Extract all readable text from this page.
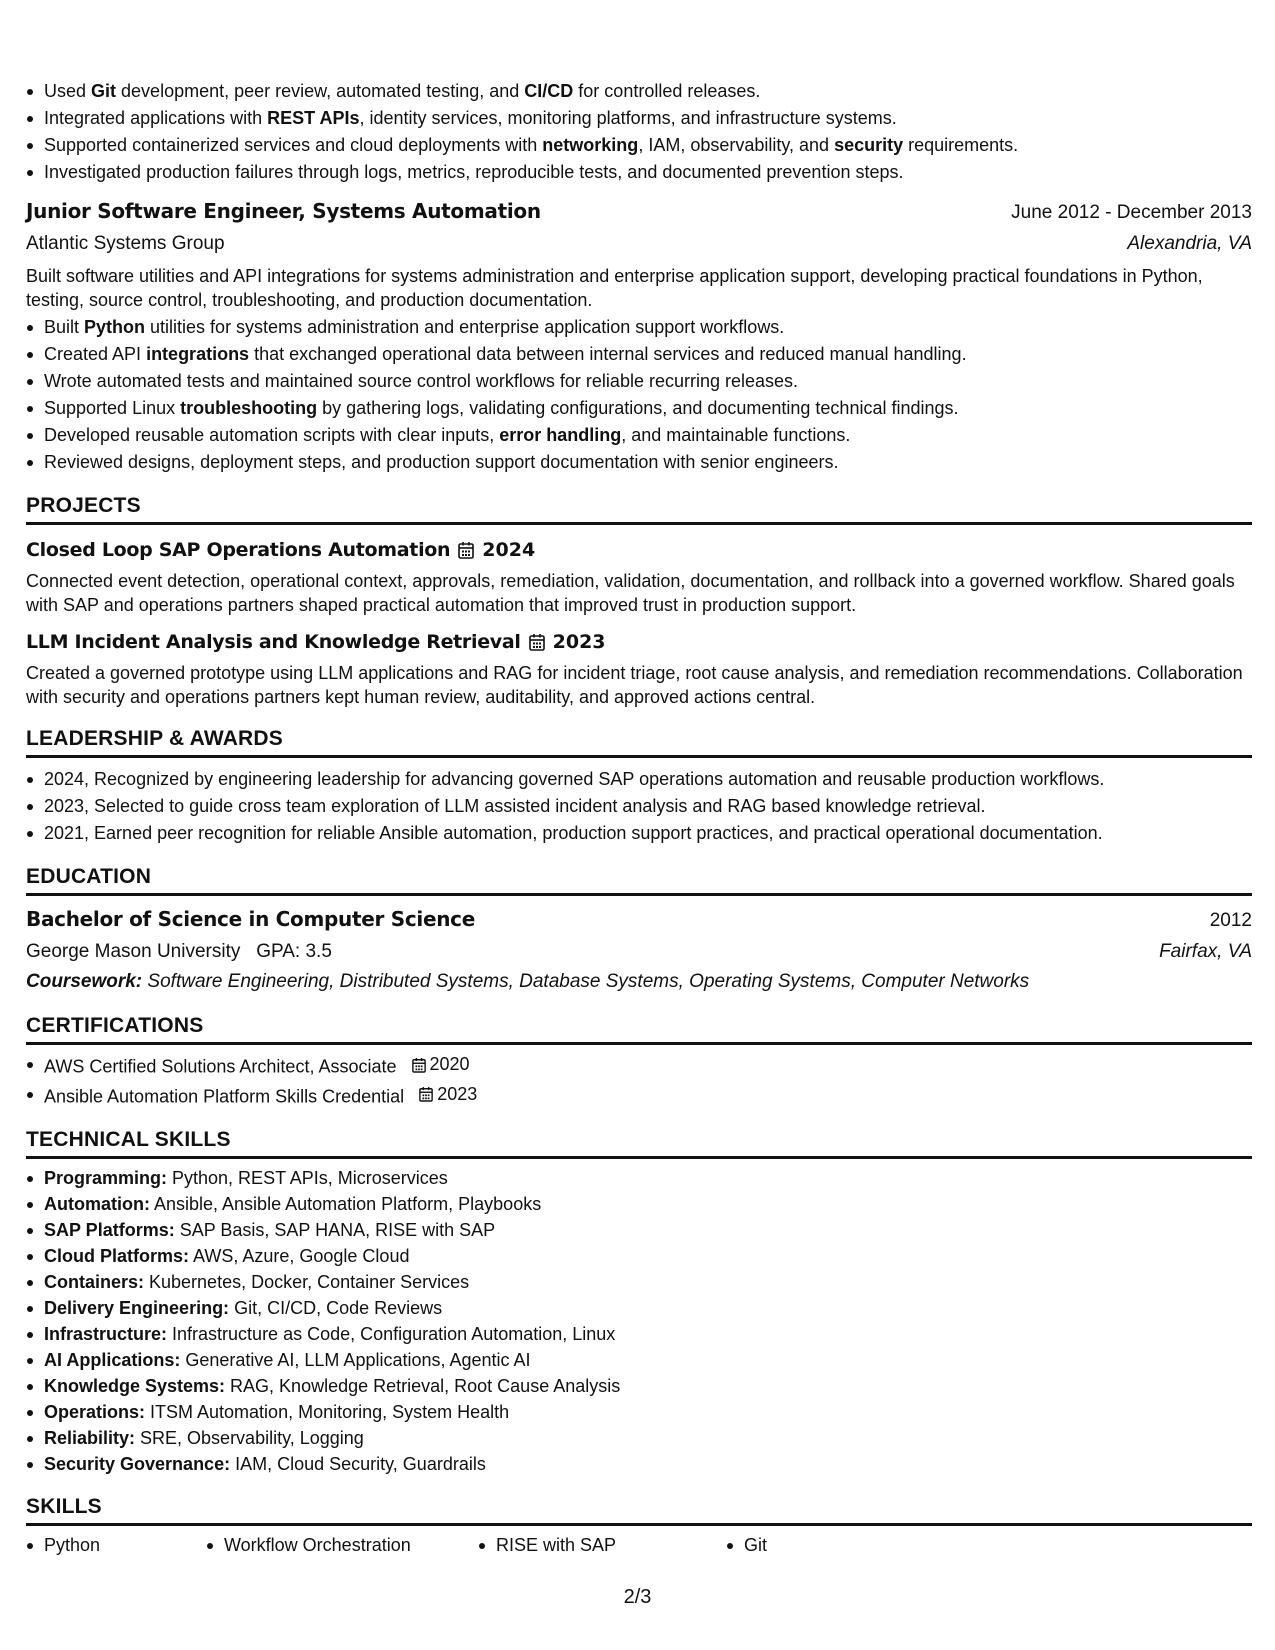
Used Git development, peer review, automated testing, and CI/CD for controlled releases.
Integrated applications with REST APIs, identity services, monitoring platforms, and infrastructure systems.
Supported containerized services and cloud deployments with networking, IAM, observability, and security requirements.
Investigated production failures through logs, metrics, reproducible tests, and documented prevention steps.
Junior Software Engineer, Systems Automation	June 2012 - December 2013
Atlantic Systems Group	Alexandria, VA
Built software utilities and API integrations for systems administration and enterprise application support, developing practical foundations in Python, testing, source control, troubleshooting, and production documentation.
Built Python utilities for systems administration and enterprise application support workflows.
Created API integrations that exchanged operational data between internal services and reduced manual handling.
Wrote automated tests and maintained source control workflows for reliable recurring releases.
Supported Linux troubleshooting by gathering logs, validating configurations, and documenting technical findings.
Developed reusable automation scripts with clear inputs, error handling, and maintainable functions.
Reviewed designs, deployment steps, and production support documentation with senior engineers.
PROJECTS
Closed Loop SAP Operations Automation 2024
Connected event detection, operational context, approvals, remediation, validation, documentation, and rollback into a governed workflow. Shared goals with SAP and operations partners shaped practical automation that improved trust in production support.
LLM Incident Analysis and Knowledge Retrieval 2023
Created a governed prototype using LLM applications and RAG for incident triage, root cause analysis, and remediation recommendations. Collaboration with security and operations partners kept human review, auditability, and approved actions central.
LEADERSHIP & AWARDS
2024, Recognized by engineering leadership for advancing governed SAP operations automation and reusable production workflows.
2023, Selected to guide cross team exploration of LLM assisted incident analysis and RAG based knowledge retrieval.
2021, Earned peer recognition for reliable Ansible automation, production support practices, and practical operational documentation.
EDUCATION
Bachelor of Science in Computer Science	2012
George Mason University GPA: 3.5	Fairfax, VA
Coursework: Software Engineering, Distributed Systems, Database Systems, Operating Systems, Computer Networks
CERTIFICATIONS
AWS Certified Solutions Architect, Associate 2020
Ansible Automation Platform Skills Credential 2023
TECHNICAL SKILLS
Programming: Python, REST APIs, Microservices
Automation: Ansible, Ansible Automation Platform, Playbooks
SAP Platforms: SAP Basis, SAP HANA, RISE with SAP
Cloud Platforms: AWS, Azure, Google Cloud
Containers: Kubernetes, Docker, Container Services
Delivery Engineering: Git, CI/CD, Code Reviews
Infrastructure: Infrastructure as Code, Configuration Automation, Linux
AI Applications: Generative AI, LLM Applications, Agentic AI
Knowledge Systems: RAG, Knowledge Retrieval, Root Cause Analysis
Operations: ITSM Automation, Monitoring, System Health
Reliability: SRE, Observability, Logging
Security Governance: IAM, Cloud Security, Guardrails
SKILLS
Python	Workflow Orchestration	RISE with SAP	Git
2/3
